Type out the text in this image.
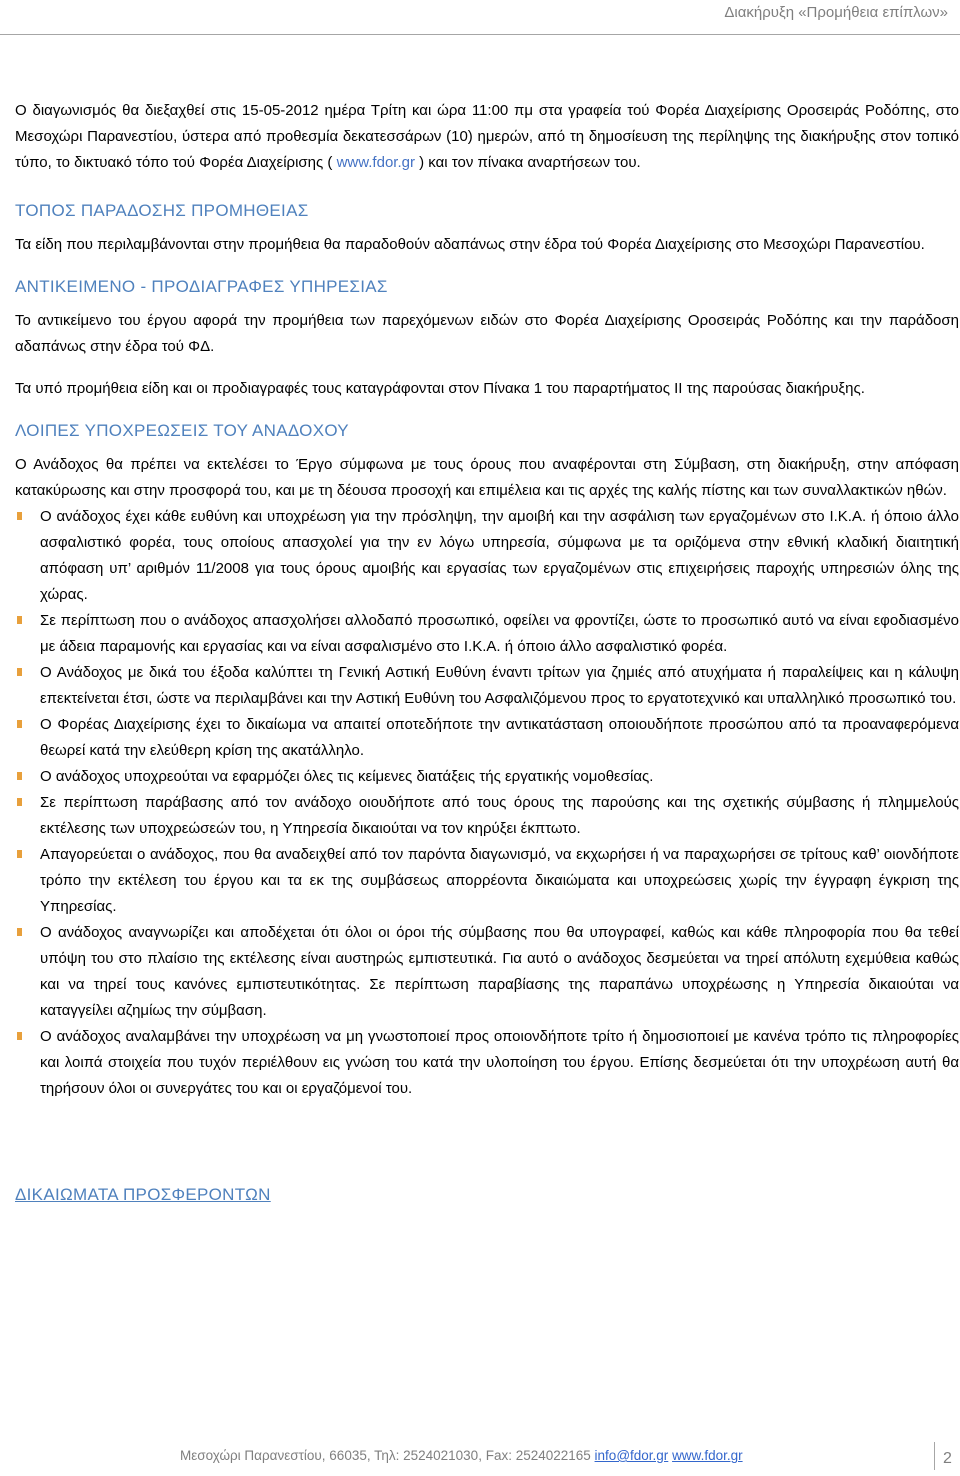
Διακήρυξη «Προμήθεια επίπλων»

Ο διαγωνισμός θα διεξαχθεί στις 15-05-2012 ημέρα Τρίτη και ώρα 11:00 πμ στα γραφεία τού Φορέα Διαχείρισης Οροσειράς Ροδόπης, στο Μεσοχώρι Παρανεστίου, ύστερα από προθεσμία δεκατεσσάρων (10) ημερών, από τη δημοσίευση της περίληψης της διακήρυξης στον τοπικό τύπο, το δικτυακό τόπο τού Φορέα Διαχείρισης ( www.fdor.gr ) και τον πίνακα αναρτήσεων του.

ΤΟΠΟΣ ΠΑΡΑΔΟΣΗΣ ΠΡΟΜΗΘΕΙΑΣ

Τα είδη που περιλαμβάνονται στην προμήθεια θα παραδοθούν αδαπάνως στην έδρα τού Φορέα Διαχείρισης στο Μεσοχώρι Παρανεστίου.

ΑΝΤΙΚΕΙΜΕΝΟ - ΠΡΟΔΙΑΓΡΑΦΕΣ ΥΠΗΡΕΣΙΑΣ

Το αντικείμενο του έργου αφορά την προμήθεια των παρεχόμενων ειδών στο Φορέα Διαχείρισης Οροσειράς Ροδόπης και την παράδοση αδαπάνως στην έδρα τού ΦΔ.

Τα υπό προμήθεια είδη και οι προδιαγραφές τους καταγράφονται στον Πίνακα 1 του παραρτήματος ΙΙ της παρούσας διακήρυξης.

ΛΟΙΠΕΣ ΥΠΟΧΡΕΩΣΕΙΣ ΤΟΥ ΑΝΑΔΟΧΟΥ

Ο Ανάδοχος θα πρέπει να εκτελέσει το Έργο σύμφωνα με τους όρους που αναφέρονται στη Σύμβαση, στη διακήρυξη, στην απόφαση κατακύρωσης και στην προσφορά του, και με τη δέουσα προσοχή και επιμέλεια και τις αρχές της καλής πίστης και των συναλλακτικών ηθών.

Ο ανάδοχος έχει κάθε ευθύνη και υποχρέωση για την πρόσληψη, την αμοιβή και την ασφάλιση των εργαζομένων στο Ι.Κ.Α. ή όποιο άλλο ασφαλιστικό φορέα, τους οποίους απασχολεί για την εν λόγω υπηρεσία, σύμφωνα με τα οριζόμενα στην εθνική κλαδική διαιτητική απόφαση υπ’ αριθμόν 11/2008 για τους όρους αμοιβής και εργασίας των εργαζομένων στις επιχειρήσεις παροχής υπηρεσιών όλης της χώρας.
Σε περίπτωση που ο ανάδοχος απασχολήσει αλλοδαπό προσωπικό, οφείλει να φροντίζει, ώστε το προσωπικό αυτό να είναι εφοδιασμένο με άδεια παραμονής και εργασίας και να είναι ασφαλισμένο στο Ι.Κ.Α. ή όποιο άλλο ασφαλιστικό φορέα.
Ο Ανάδοχος με δικά του έξοδα καλύπτει τη Γενική Αστική Ευθύνη έναντι τρίτων για ζημιές από ατυχήματα ή παραλείψεις και η κάλυψη επεκτείνεται έτσι, ώστε να περιλαμβάνει και την Αστική Ευθύνη του Ασφαλιζόμενου προς το εργατοτεχνικό και υπαλληλικό προσωπικό του.
Ο Φορέας Διαχείρισης έχει το δικαίωμα να απαιτεί οποτεδήποτε την αντικατάσταση οποιουδήποτε προσώπου από τα προαναφερόμενα θεωρεί κατά την ελεύθερη κρίση της ακατάλληλο.
Ο ανάδοχος υποχρεούται να εφαρμόζει όλες τις κείμενες διατάξεις τής εργατικής νομοθεσίας.
Σε περίπτωση παράβασης από τον ανάδοχο οιουδήποτε από τους όρους της παρούσης και της σχετικής σύμβασης ή πλημμελούς εκτέλεσης των υποχρεώσεών του, η Υπηρεσία δικαιούται να τον κηρύξει έκπτωτο.
Απαγορεύεται ο ανάδοχος, που θα αναδειχθεί από τον παρόντα διαγωνισμό, να εκχωρήσει ή να παραχωρήσει σε τρίτους καθ’ οιονδήποτε τρόπο την εκτέλεση του έργου και τα εκ της συμβάσεως απορρέοντα δικαιώματα και υποχρεώσεις χωρίς την έγγραφη έγκριση της Υπηρεσίας.
Ο ανάδοχος αναγνωρίζει και αποδέχεται ότι όλοι οι όροι τής σύμβασης που θα υπογραφεί, καθώς και κάθε πληροφορία που θα τεθεί υπόψη του στο πλαίσιο της εκτέλεσης είναι αυστηρώς εμπιστευτικά. Για αυτό ο ανάδοχος δεσμεύεται να τηρεί απόλυτη εχεμύθεια καθώς και να τηρεί τους κανόνες εμπιστευτικότητας. Σε περίπτωση παραβίασης της παραπάνω υποχρέωσης η Υπηρεσία δικαιούται να καταγγείλει αζημίως την σύμβαση.
Ο ανάδοχος αναλαμβάνει την υποχρέωση να μη γνωστοποιεί προς οποιονδήποτε τρίτο ή δημοσιοποιεί με κανένα τρόπο τις πληροφορίες και λοιπά στοιχεία που τυχόν περιέλθουν εις γνώση του κατά την υλοποίηση του έργου. Επίσης δεσμεύεται ότι την υποχρέωση αυτή θα τηρήσουν όλοι οι συνεργάτες του και οι εργαζόμενοί του.

ΔΙΚΑΙΩΜΑΤΑ ΠΡΟΣΦΕΡΟΝΤΩΝ

Μεσοχώρι Παρανεστίου, 66035, Τηλ: 2524021030, Fax: 2524022165 info@fdor.gr www.fdor.gr	2
